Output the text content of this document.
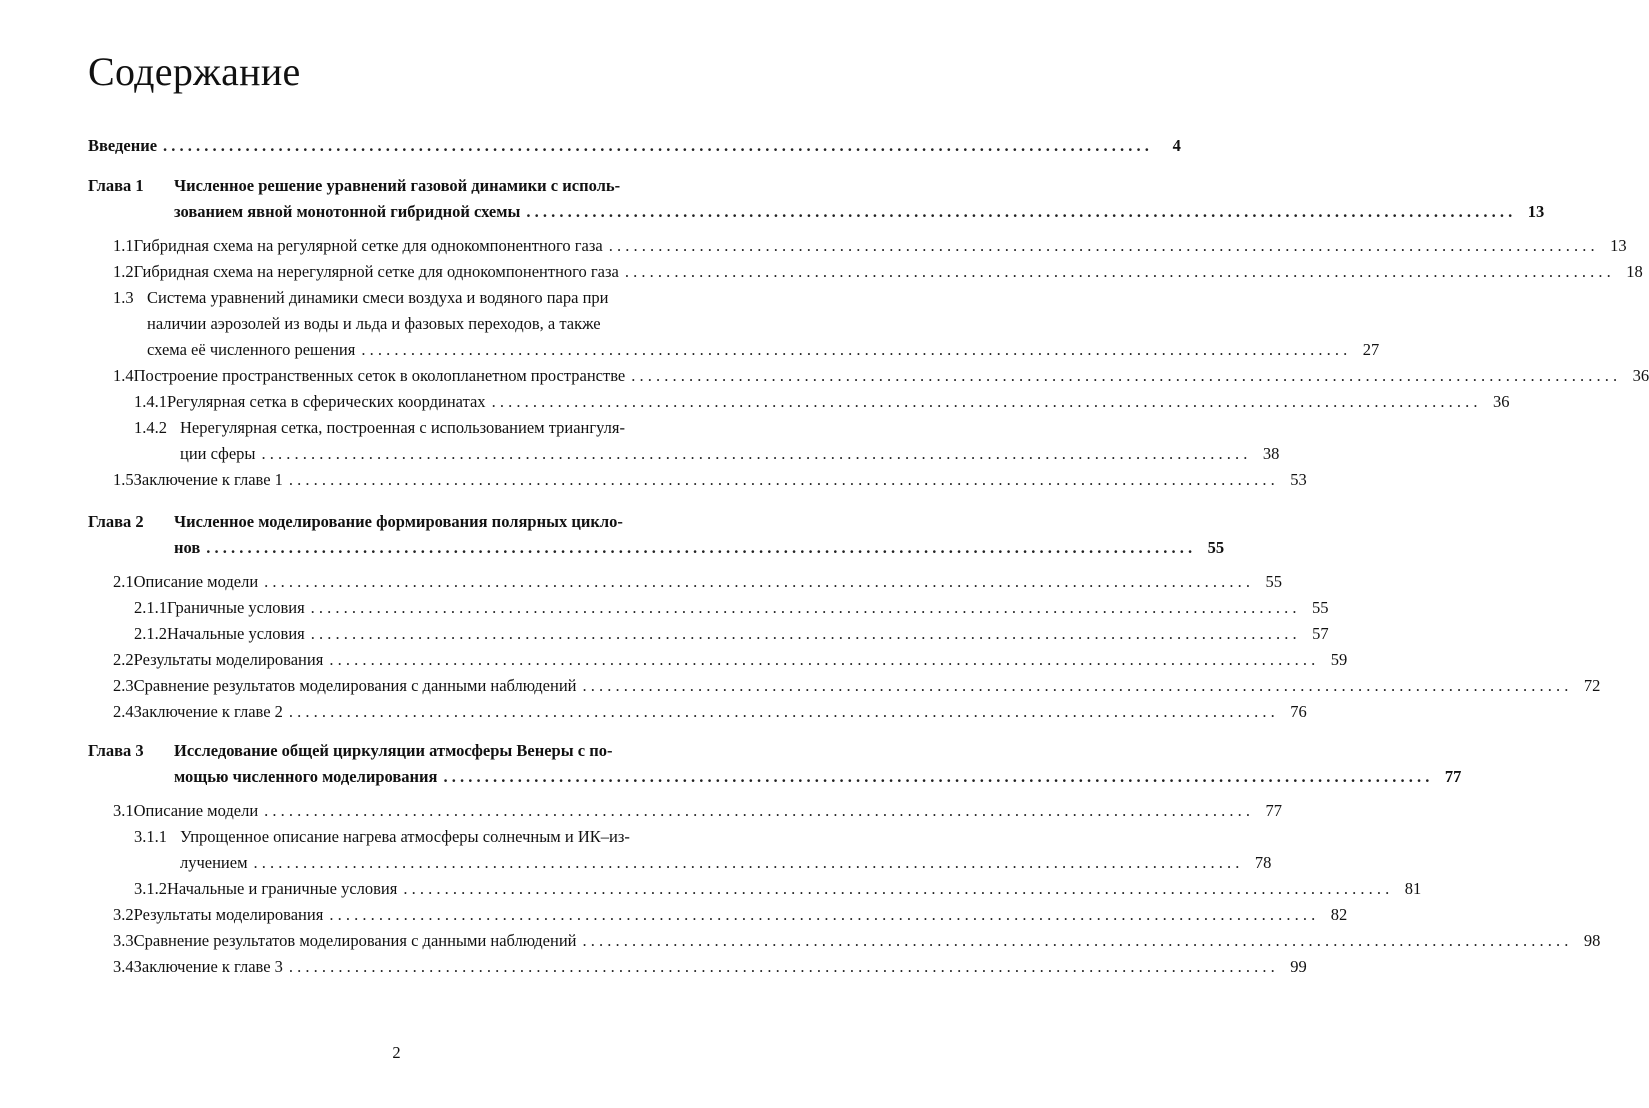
Содержание
Введение . . . . . . . . . . . . . . . . . . . . . . . . . . . . . . . . . . . . . . . . . . . . . . . . . . . . . . . . . . . . . . . . . . . . . . . . . . . . . . . . . . . . . . . . . . . . . . . . . . . . . . . . . . . . . . . . . . . . . . . .	4
Глава 1 Численное решение уравнений газовой динамики с исполь-
зованием явной монотонной гибридной схемы . . . . . . . . . . . . . . . . . . . . . . . . . . . . . . . . . . . . . . . . . . . . . . . . . . . . . . . . . . . . . . . . . . . . . . . . . . . . . . . . . . . . . . . . . . . . . . . . . . . . . . . . . . . . . . . . . . . . . . . . 13
1.1 Гибридная схема на регулярной сетке для однокомпонентного газа . . . . . . . . . . . . . . . . . . . . . . . . . . . . . . . . . . . . . . . . . . . . . . . . . . . . . . . . . . . . . . . . . . . . . . . . . . . . . . . . . . . . . . . . . . . . . . . . . . . . . . . . . . . . . . . . . . . . . . . . 13
1.2 Гибридная схема на нерегулярной сетке для однокомпонентного газа . . . . . . . . . . . . . . . . . . . . . . . . . . . . . . . . . . . . . . . . . . . . . . . . . . . . . . . . . . . . . . . . . . . . . . . . . . . . . . . . . . . . . . . . . . . . . . . . . . . . . . . . . . . . . . . . . . . . . . . . 18
1.3 Система уравнений динамики смеси воздуха и водяного пара при
наличии аэрозолей из воды и льда и фазовых переходов, а также
схема её численного решения . . . . . . . . . . . . . . . . . . . . . . . . . . . . . . . . . . . . . . . . . . . . . . . . . . . . . . . . . . . . . . . . . . . . . . . . . . . . . . . . . . . . . . . . . . . . . . . . . . . . . . . . . . . . . . . . . . . . . . . . 27
1.4 Построение пространственных сеток в околопланетном пространстве . . . . . . . . . . . . . . . . . . . . . . . . . . . . . . . . . . . . . . . . . . . . . . . . . . . . . . . . . . . . . . . . . . . . . . . . . . . . . . . . . . . . . . . . . . . . . . . . . . . . . . . . . . . . . . . . . . . . . . . . 36
1.4.1 Регулярная сетка в сферических координатах . . . . . . . . . . . . . . . . . . . . . . . . . . . . . . . . . . . . . . . . . . . . . . . . . . . . . . . . . . . . . . . . . . . . . . . . . . . . . . . . . . . . . . . . . . . . . . . . . . . . . . . . . . . . . . . . . . . . . . . . 36
1.4.2 Нерегулярная сетка, построенная с использованием триангуля-
ции сферы . . . . . . . . . . . . . . . . . . . . . . . . . . . . . . . . . . . . . . . . . . . . . . . . . . . . . . . . . . . . . . . . . . . . . . . . . . . . . . . . . . . . . . . . . . . . . . . . . . . . . . . . . . . . . . . . . . . . . . . . 38
1.5 Заключение к главе 1 . . . . . . . . . . . . . . . . . . . . . . . . . . . . . . . . . . . . . . . . . . . . . . . . . . . . . . . . . . . . . . . . . . . . . . . . . . . . . . . . . . . . . . . . . . . . . . . . . . . . . . . . . . . . . . . . . . . . . . . . 53
Глава 2 Численное моделирование формирования полярных циклo-
нов . . . . . . . . . . . . . . . . . . . . . . . . . . . . . . . . . . . . . . . . . . . . . . . . . . . . . . . . . . . . . . . . . . . . . . . . . . . . . . . . . . . . . . . . . . . . . . . . . . . . . . . . . . . . . . . . . . . . . . . . 55
2.1 Описание модели . . . . . . . . . . . . . . . . . . . . . . . . . . . . . . . . . . . . . . . . . . . . . . . . . . . . . . . . . . . . . . . . . . . . . . . . . . . . . . . . . . . . . . . . . . . . . . . . . . . . . . . . . . . . . . . . . . . . . . . . 55
2.1.1 Граничные условия . . . . . . . . . . . . . . . . . . . . . . . . . . . . . . . . . . . . . . . . . . . . . . . . . . . . . . . . . . . . . . . . . . . . . . . . . . . . . . . . . . . . . . . . . . . . . . . . . . . . . . . . . . . . . . . . . . . . . . . . 55
2.1.2 Начальные условия . . . . . . . . . . . . . . . . . . . . . . . . . . . . . . . . . . . . . . . . . . . . . . . . . . . . . . . . . . . . . . . . . . . . . . . . . . . . . . . . . . . . . . . . . . . . . . . . . . . . . . . . . . . . . . . . . . . . . . . . 57
2.2 Результаты моделирования . . . . . . . . . . . . . . . . . . . . . . . . . . . . . . . . . . . . . . . . . . . . . . . . . . . . . . . . . . . . . . . . . . . . . . . . . . . . . . . . . . . . . . . . . . . . . . . . . . . . . . . . . . . . . . . . . . . . . . . . 59
2.3 Сравнение результатов моделирования с данными наблюдений . . . . . . . . . . . . . . . . . . . . . . . . . . . . . . . . . . . . . . . . . . . . . . . . . . . . . . . . . . . . . . . . . . . . . . . . . . . . . . . . . . . . . . . . . . . . . . . . . . . . . . . . . . . . . . . . . . . . . . . . 72
2.4 Заключение к главе 2 . . . . . . . . . . . . . . . . . . . . . . . . . . . . . . . . . . . . . . . . . . . . . . . . . . . . . . . . . . . . . . . . . . . . . . . . . . . . . . . . . . . . . . . . . . . . . . . . . . . . . . . . . . . . . . . . . . . . . . . . 76
Глава 3 Исследование общей циркуляции атмосферы Венеры с по-
мощью численного моделирования . . . . . . . . . . . . . . . . . . . . . . . . . . . . . . . . . . . . . . . . . . . . . . . . . . . . . . . . . . . . . . . . . . . . . . . . . . . . . . . . . . . . . . . . . . . . . . . . . . . . . . . . . . . . . . . . . . . . . . . . 77
3.1 Описание модели . . . . . . . . . . . . . . . . . . . . . . . . . . . . . . . . . . . . . . . . . . . . . . . . . . . . . . . . . . . . . . . . . . . . . . . . . . . . . . . . . . . . . . . . . . . . . . . . . . . . . . . . . . . . . . . . . . . . . . . . 77
3.1.1 Упрощенное описание нагрева атмосферы солнечным и ИК–из-
лучением . . . . . . . . . . . . . . . . . . . . . . . . . . . . . . . . . . . . . . . . . . . . . . . . . . . . . . . . . . . . . . . . . . . . . . . . . . . . . . . . . . . . . . . . . . . . . . . . . . . . . . . . . . . . . . . . . . . . . . . . 78
3.1.2 Начальные и граничные условия . . . . . . . . . . . . . . . . . . . . . . . . . . . . . . . . . . . . . . . . . . . . . . . . . . . . . . . . . . . . . . . . . . . . . . . . . . . . . . . . . . . . . . . . . . . . . . . . . . . . . . . . . . . . . . . . . . . . . . . . 81
3.2 Результаты моделирования . . . . . . . . . . . . . . . . . . . . . . . . . . . . . . . . . . . . . . . . . . . . . . . . . . . . . . . . . . . . . . . . . . . . . . . . . . . . . . . . . . . . . . . . . . . . . . . . . . . . . . . . . . . . . . . . . . . . . . . . 82
3.3 Сравнение результатов моделирования с данными наблюдений . . . . . . . . . . . . . . . . . . . . . . . . . . . . . . . . . . . . . . . . . . . . . . . . . . . . . . . . . . . . . . . . . . . . . . . . . . . . . . . . . . . . . . . . . . . . . . . . . . . . . . . . . . . . . . . . . . . . . . . . 98
3.4 Заключение к главе 3 . . . . . . . . . . . . . . . . . . . . . . . . . . . . . . . . . . . . . . . . . . . . . . . . . . . . . . . . . . . . . . . . . . . . . . . . . . . . . . . . . . . . . . . . . . . . . . . . . . . . . . . . . . . . . . . . . . . . . . . . 99
2
